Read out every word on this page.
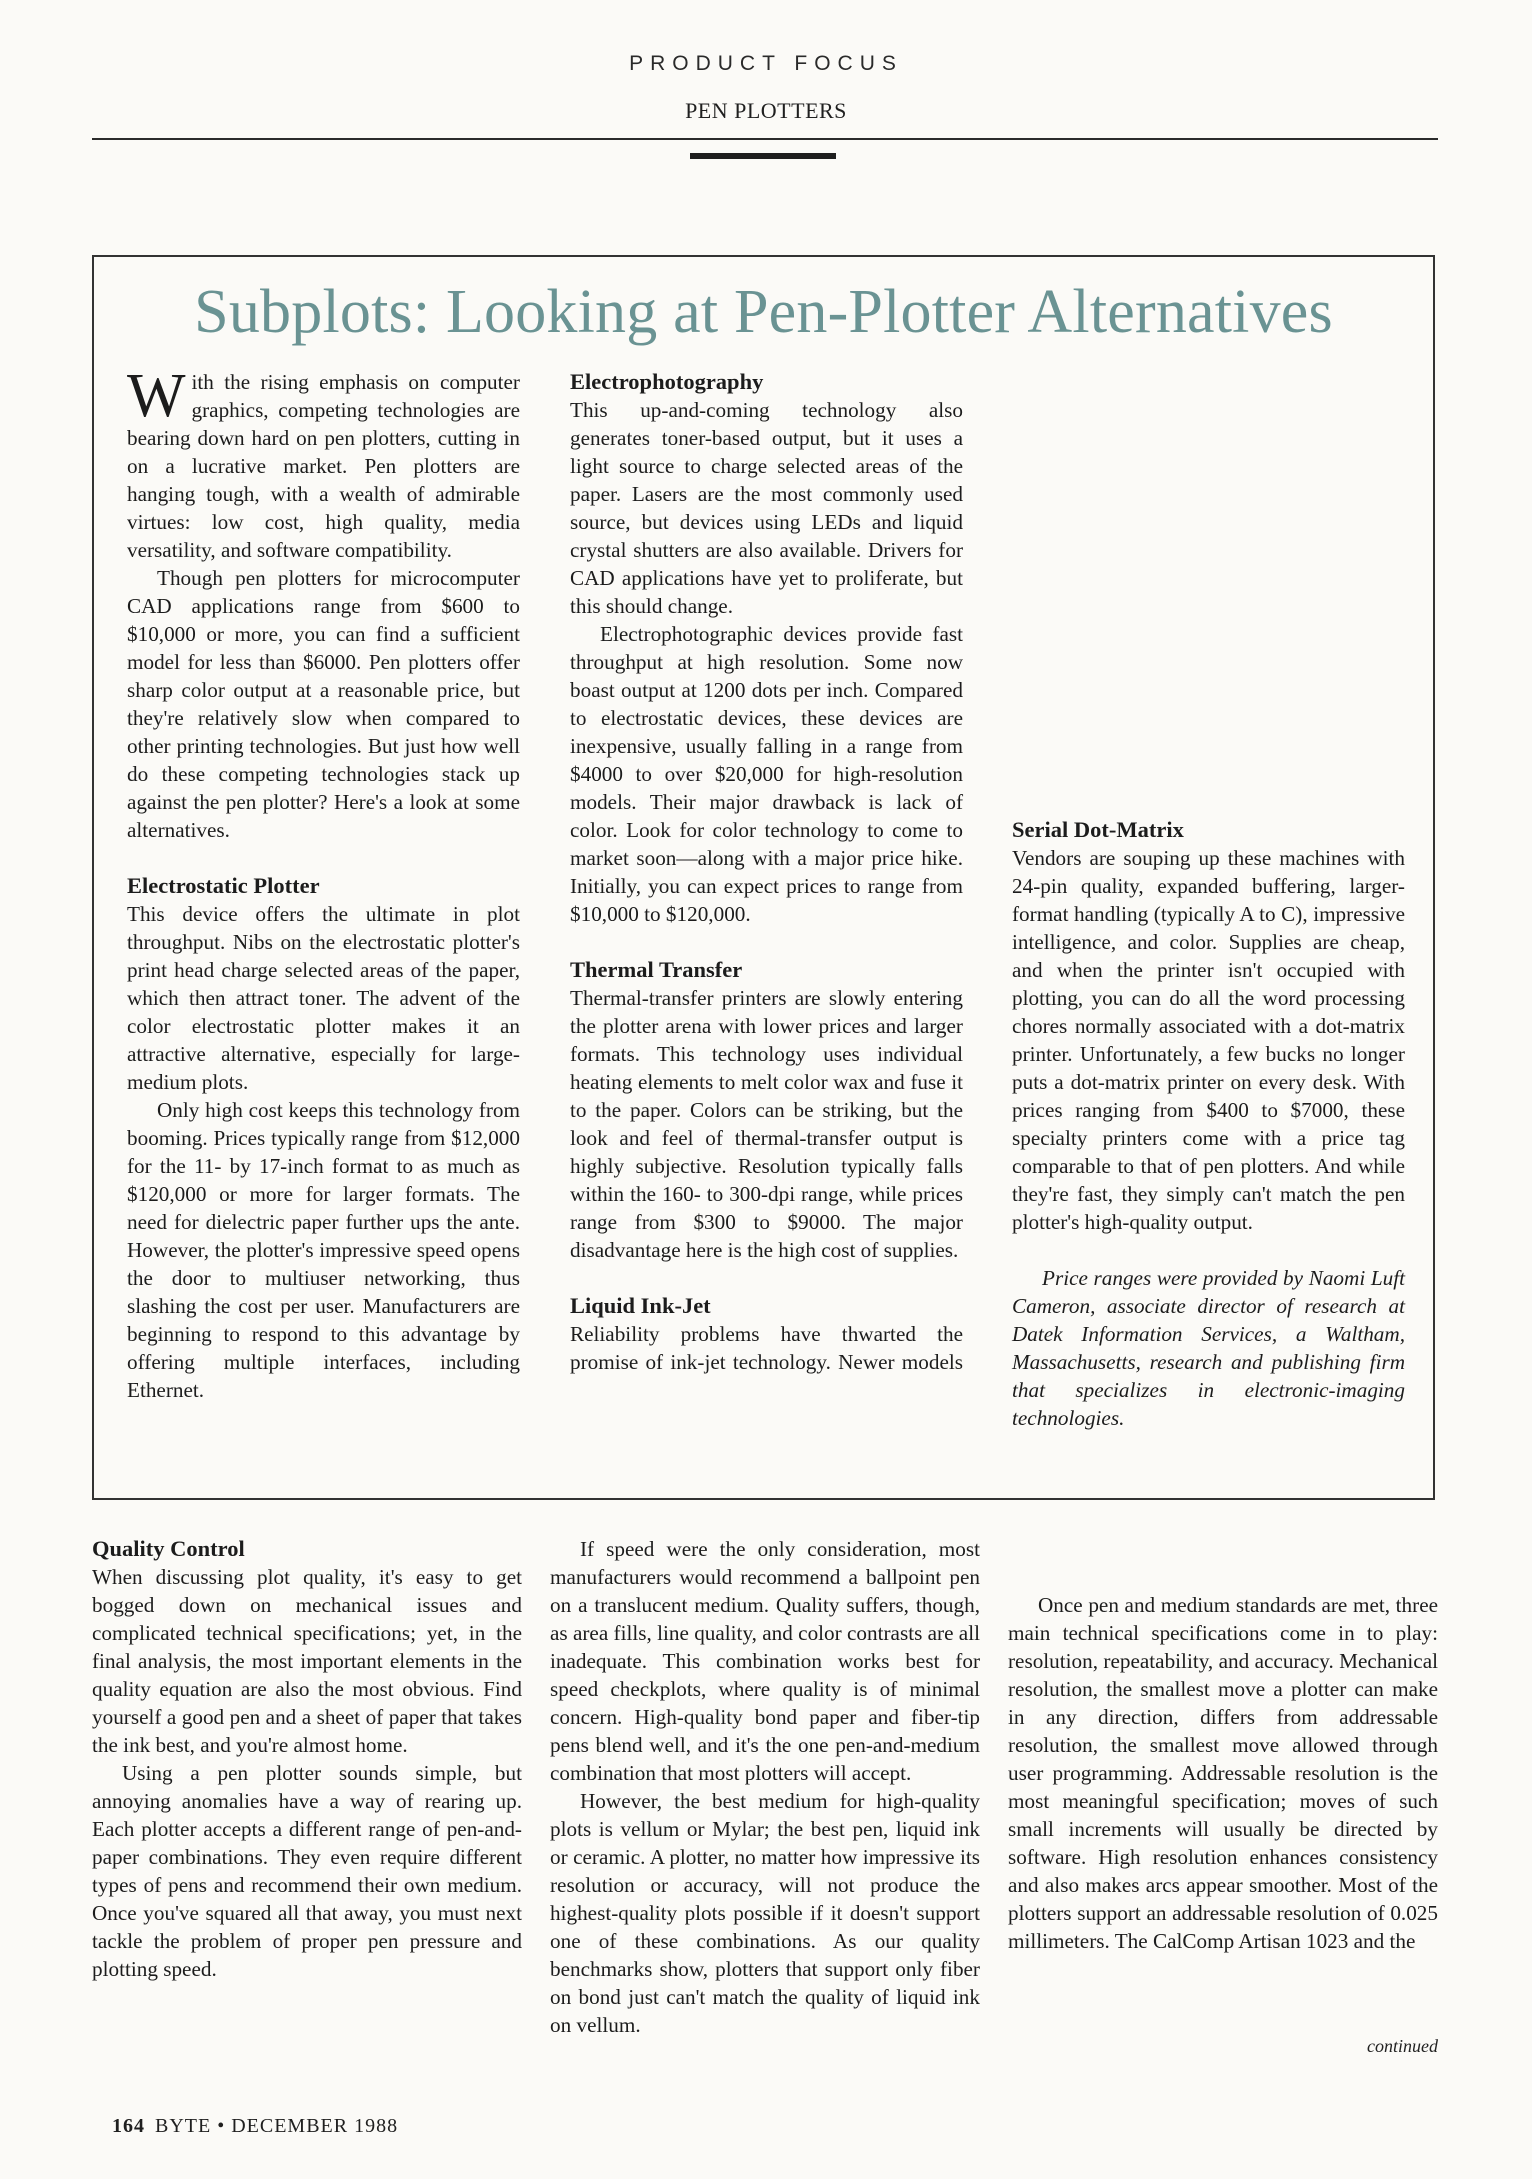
PRODUCT FOCUS
PEN PLOTTERS
Subplots: Looking at Pen-Plotter Alternatives

With the rising emphasis on computer graphics, competing technologies are bearing down hard on pen plotters, cutting in on a lucrative market. Pen plotters are hanging tough, with a wealth of admirable virtues: low cost, high quality, media versatility, and software compatibility.

Though pen plotters for microcomputer CAD applications range from $600 to $10,000 or more, you can find a sufficient model for less than $6000. Pen plotters offer sharp color output at a reasonable price, but they're relatively slow when compared to other printing technologies. But just how well do these competing technologies stack up against the pen plotter? Here's a look at some alternatives.

Electrostatic Plotter

This device offers the ultimate in plot throughput. Nibs on the electrostatic plotter's print head charge selected areas of the paper, which then attract toner. The advent of the color electrostatic plotter makes it an attractive alternative, especially for large-medium plots.

Only high cost keeps this technology from booming. Prices typically range from $12,000 for the 11- by 17-inch format to as much as $120,000 or more for larger formats. The need for dielectric paper further ups the ante. However, the plotter's impressive speed opens the door to multiuser networking, thus slashing the cost per user. Manufacturers are beginning to respond to this advantage by offering multiple interfaces, including Ethernet.

Electrophotography

This up-and-coming technology also generates toner-based output, but it uses a light source to charge selected areas of the paper. Lasers are the most commonly used source, but devices using LEDs and liquid crystal shutters are also available. Drivers for CAD applications have yet to proliferate, but this should change.

Electrophotographic devices provide fast throughput at high resolution. Some now boast output at 1200 dots per inch. Compared to electrostatic devices, these devices are inexpensive, usually falling in a range from $4000 to over $20,000 for high-resolution models. Their major drawback is lack of color. Look for color technology to come to market soon—along with a major price hike. Initially, you can expect prices to range from $10,000 to $120,000.

Thermal Transfer

Thermal-transfer printers are slowly entering the plotter arena with lower prices and larger formats. This technology uses individual heating elements to melt color wax and fuse it to the paper. Colors can be striking, but the look and feel of thermal-transfer output is highly subjective. Resolution typically falls within the 160- to 300-dpi range, while prices range from $300 to $9000. The major disadvantage here is the high cost of supplies.

Liquid Ink-Jet

Reliability problems have thwarted the promise of ink-jet technology. Newer models

Serial Dot-Matrix

Vendors are souping up these machines with 24-pin quality, expanded buffering, larger-format handling (typically A to C), impressive intelligence, and color. Supplies are cheap, and when the printer isn't occupied with plotting, you can do all the word processing chores normally associated with a dot-matrix printer. Unfortunately, a few bucks no longer puts a dot-matrix printer on every desk. With prices ranging from $400 to $7000, these specialty printers come with a price tag comparable to that of pen plotters. And while they're fast, they simply can't match the pen plotter's high-quality output.

Price ranges were provided by Naomi Luft Cameron, associate director of research at Datek Information Services, a Waltham, Massachusetts, research and publishing firm that specializes in electronic-imaging technologies.

Quality Control

When discussing plot quality, it's easy to get bogged down on mechanical issues and complicated technical specifications; yet, in the final analysis, the most important elements in the quality equation are also the most obvious. Find yourself a good pen and a sheet of paper that takes the ink best, and you're almost home.

Using a pen plotter sounds simple, but annoying anomalies have a way of rearing up. Each plotter accepts a different range of pen-and-paper combinations. They even require different types of pens and recommend their own medium. Once you've squared all that away, you must next tackle the problem of proper pen pressure and plotting speed.

If speed were the only consideration, most manufacturers would recommend a ballpoint pen on a translucent medium. Quality suffers, though, as area fills, line quality, and color contrasts are all inadequate. This combination works best for speed checkplots, where quality is of minimal concern. High-quality bond paper and fiber-tip pens blend well, and it's the one pen-and-medium combination that most plotters will accept.

However, the best medium for high-quality plots is vellum or Mylar; the best pen, liquid ink or ceramic. A plotter, no matter how impressive its resolution or accuracy, will not produce the highest-quality plots possible if it doesn't support one of these combinations. As our quality benchmarks show, plotters that support only fiber on bond just can't match the quality of liquid ink on vellum.

Once pen and medium standards are met, three main technical specifications come in to play: resolution, repeatability, and accuracy. Mechanical resolution, the smallest move a plotter can make in any direction, differs from addressable resolution, the smallest move allowed through user programming. Addressable resolution is the most meaningful specification; moves of such small increments will usually be directed by software. High resolution enhances consistency and also makes arcs appear smoother. Most of the plotters support an addressable resolution of 0.025 millimeters. The CalComp Artisan 1023 and the

continued
164 BYTE • DECEMBER 1988
